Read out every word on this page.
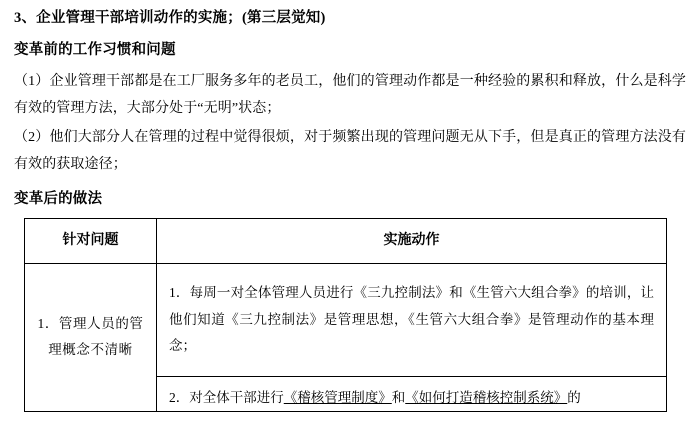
3、企业管理干部培训动作的实施；(第三层觉知)
变革前的工作习惯和问题

（1）企业管理干部都是在工厂服务多年的老员工，他们的管理动作都是一种经验的累积和释放，什么是科学有效的管理方法，大部分处于“无明”状态；

（2）他们大部分人在管理的过程中觉得很烦，对于频繁出现的管理问题无从下手，但是真正的管理方法没有有效的获取途径；

变革后的做法
针对问题	实施动作
1．管理人员的管理概念不清晰	1．每周一对全体管理人员进行《三九控制法》和《生管六大组合拳》的培训，让他们知道《三九控制法》是管理思想，《生管六大组合拳》是管理动作的基本理念；
	2．对全体干部进行《稽核管理制度》和《如何打造稽核控制系统》的
